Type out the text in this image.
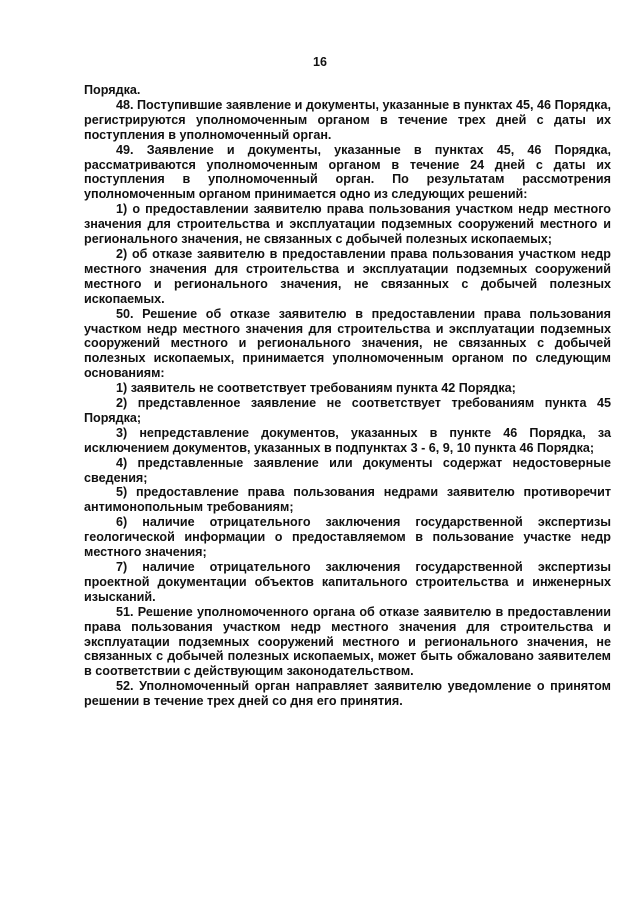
16

Порядка.

48. Поступившие заявление и документы, указанные в пунктах 45, 46 Порядка, регистрируются уполномоченным органом в течение трех дней с даты их поступления в уполномоченный орган.

49. Заявление и документы, указанные в пунктах 45, 46 Порядка, рассматриваются уполномоченным органом в течение 24 дней с даты их поступления в уполномоченный орган. По результатам рассмотрения уполномоченным органом принимается одно из следующих решений:

1) о предоставлении заявителю права пользования участком недр местного значения для строительства и эксплуатации подземных сооружений местного и регионального значения, не связанных с добычей полезных ископаемых;

2) об отказе заявителю в предоставлении права пользования участком недр местного значения для строительства и эксплуатации подземных сооружений местного и регионального значения, не связанных с добычей полезных ископаемых.

50. Решение об отказе заявителю в предоставлении права пользования участком недр местного значения для строительства и эксплуатации подземных сооружений местного и регионального значения, не связанных с добычей полезных ископаемых, принимается уполномоченным органом по следующим основаниям:

1) заявитель не соответствует требованиям пункта 42 Порядка;

2) представленное заявление не соответствует требованиям пункта 45 Порядка;

3) непредставление документов, указанных в пункте 46 Порядка, за исключением документов, указанных в подпунктах 3 - 6, 9, 10 пункта 46 Порядка;

4) представленные заявление или документы содержат недостоверные сведения;

5) предоставление права пользования недрами заявителю противоречит антимонопольным требованиям;

6) наличие отрицательного заключения государственной экспертизы геологической информации о предоставляемом в пользование участке недр местного значения;

7) наличие отрицательного заключения государственной экспертизы проектной документации объектов капитального строительства и инженерных изысканий.

51. Решение уполномоченного органа об отказе заявителю в предоставлении права пользования участком недр местного значения для строительства и эксплуатации подземных сооружений местного и регионального значения, не связанных с добычей полезных ископаемых, может быть обжаловано заявителем в соответствии с действующим законодательством.

52. Уполномоченный орган направляет заявителю уведомление о принятом решении в течение трех дней со дня его принятия.
